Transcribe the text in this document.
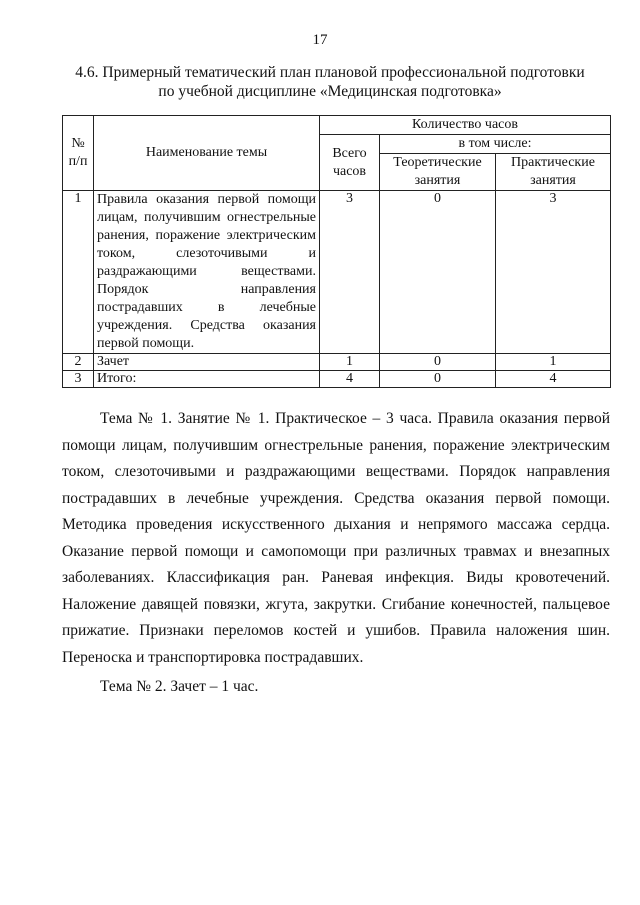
17
4.6. Примерный тематический план плановой профессиональной подготовки
по учебной дисциплине «Медицинская подготовка»
№ п/п	Наименование темы	Количество часов		
		Всего часов	в том числе:	
			Теоретические занятия	Практические занятия
1	Правила оказания первой помощи лицам, получившим огнестрельные ранения, поражение электрическим током, слезоточивыми и раздражающими веществами. Порядок направления пострадавших в лечебные учреждения. Средства оказания первой помощи.	3	0	3
2	Зачет	1	0	1
3	Итого:	4	0	4

Тема № 1. Занятие № 1. Практическое – 3 часа. Правила оказания первой помощи лицам, получившим огнестрельные ранения, поражение электрическим током, слезоточивыми и раздражающими веществами. Порядок направления пострадавших в лечебные учреждения. Средства оказания первой помощи. Методика проведения искусственного дыхания и непрямого массажа сердца. Оказание первой помощи и самопомощи при различных травмах и внезапных заболеваниях. Классификация ран. Раневая инфекция. Виды кровотечений. Наложение давящей повязки, жгута, закрутки. Сгибание конечностей, пальцевое прижатие. Признаки переломов костей и ушибов. Правила наложения шин. Переноска и транспортировка пострадавших.

Тема № 2. Зачет – 1 час.
